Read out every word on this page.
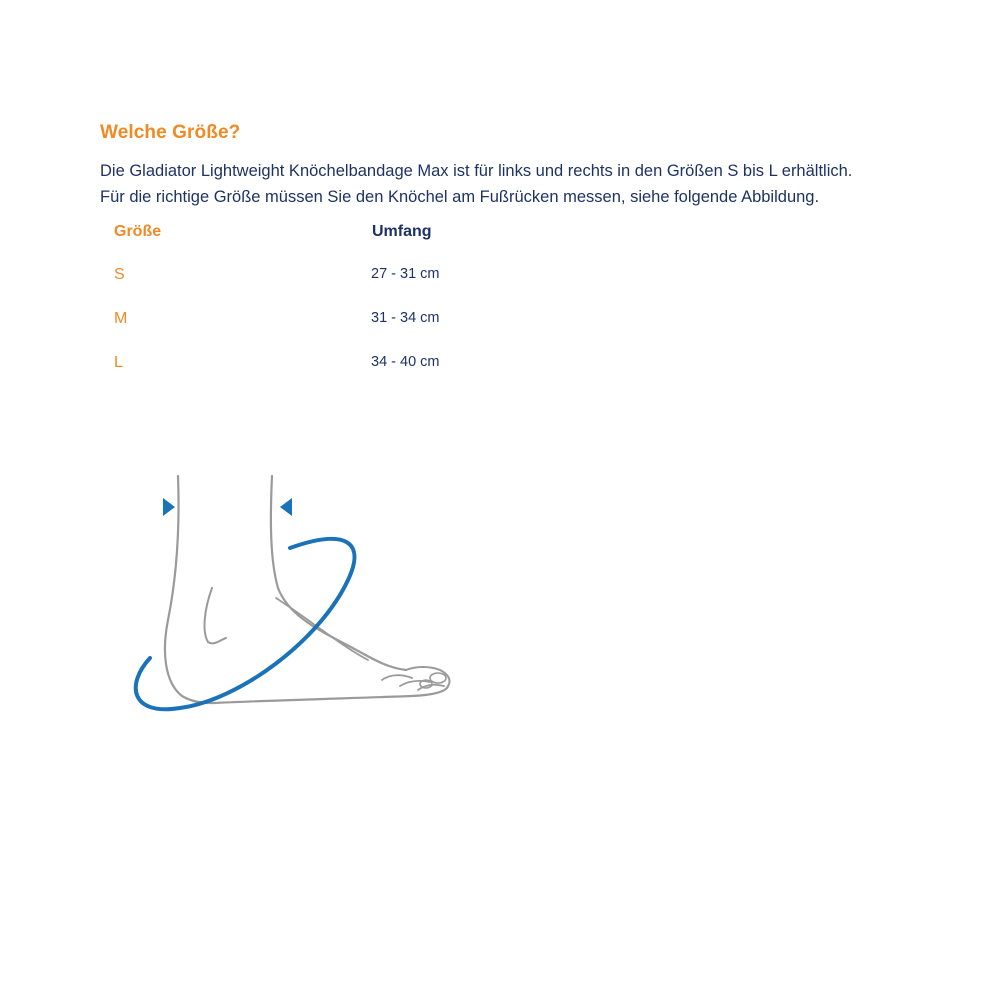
Welche Größe?

Die Gladiator Lightweight Knöchelbandage Max ist für links und rechts in den Größen S bis L erhältlich.

Für die richtige Größe müssen Sie den Knöchel am Fußrücken messen, siehe folgende Abbildung.

Größe	Umfang
S	27 - 31 cm
M	31 - 34 cm
L	34 - 40 cm
